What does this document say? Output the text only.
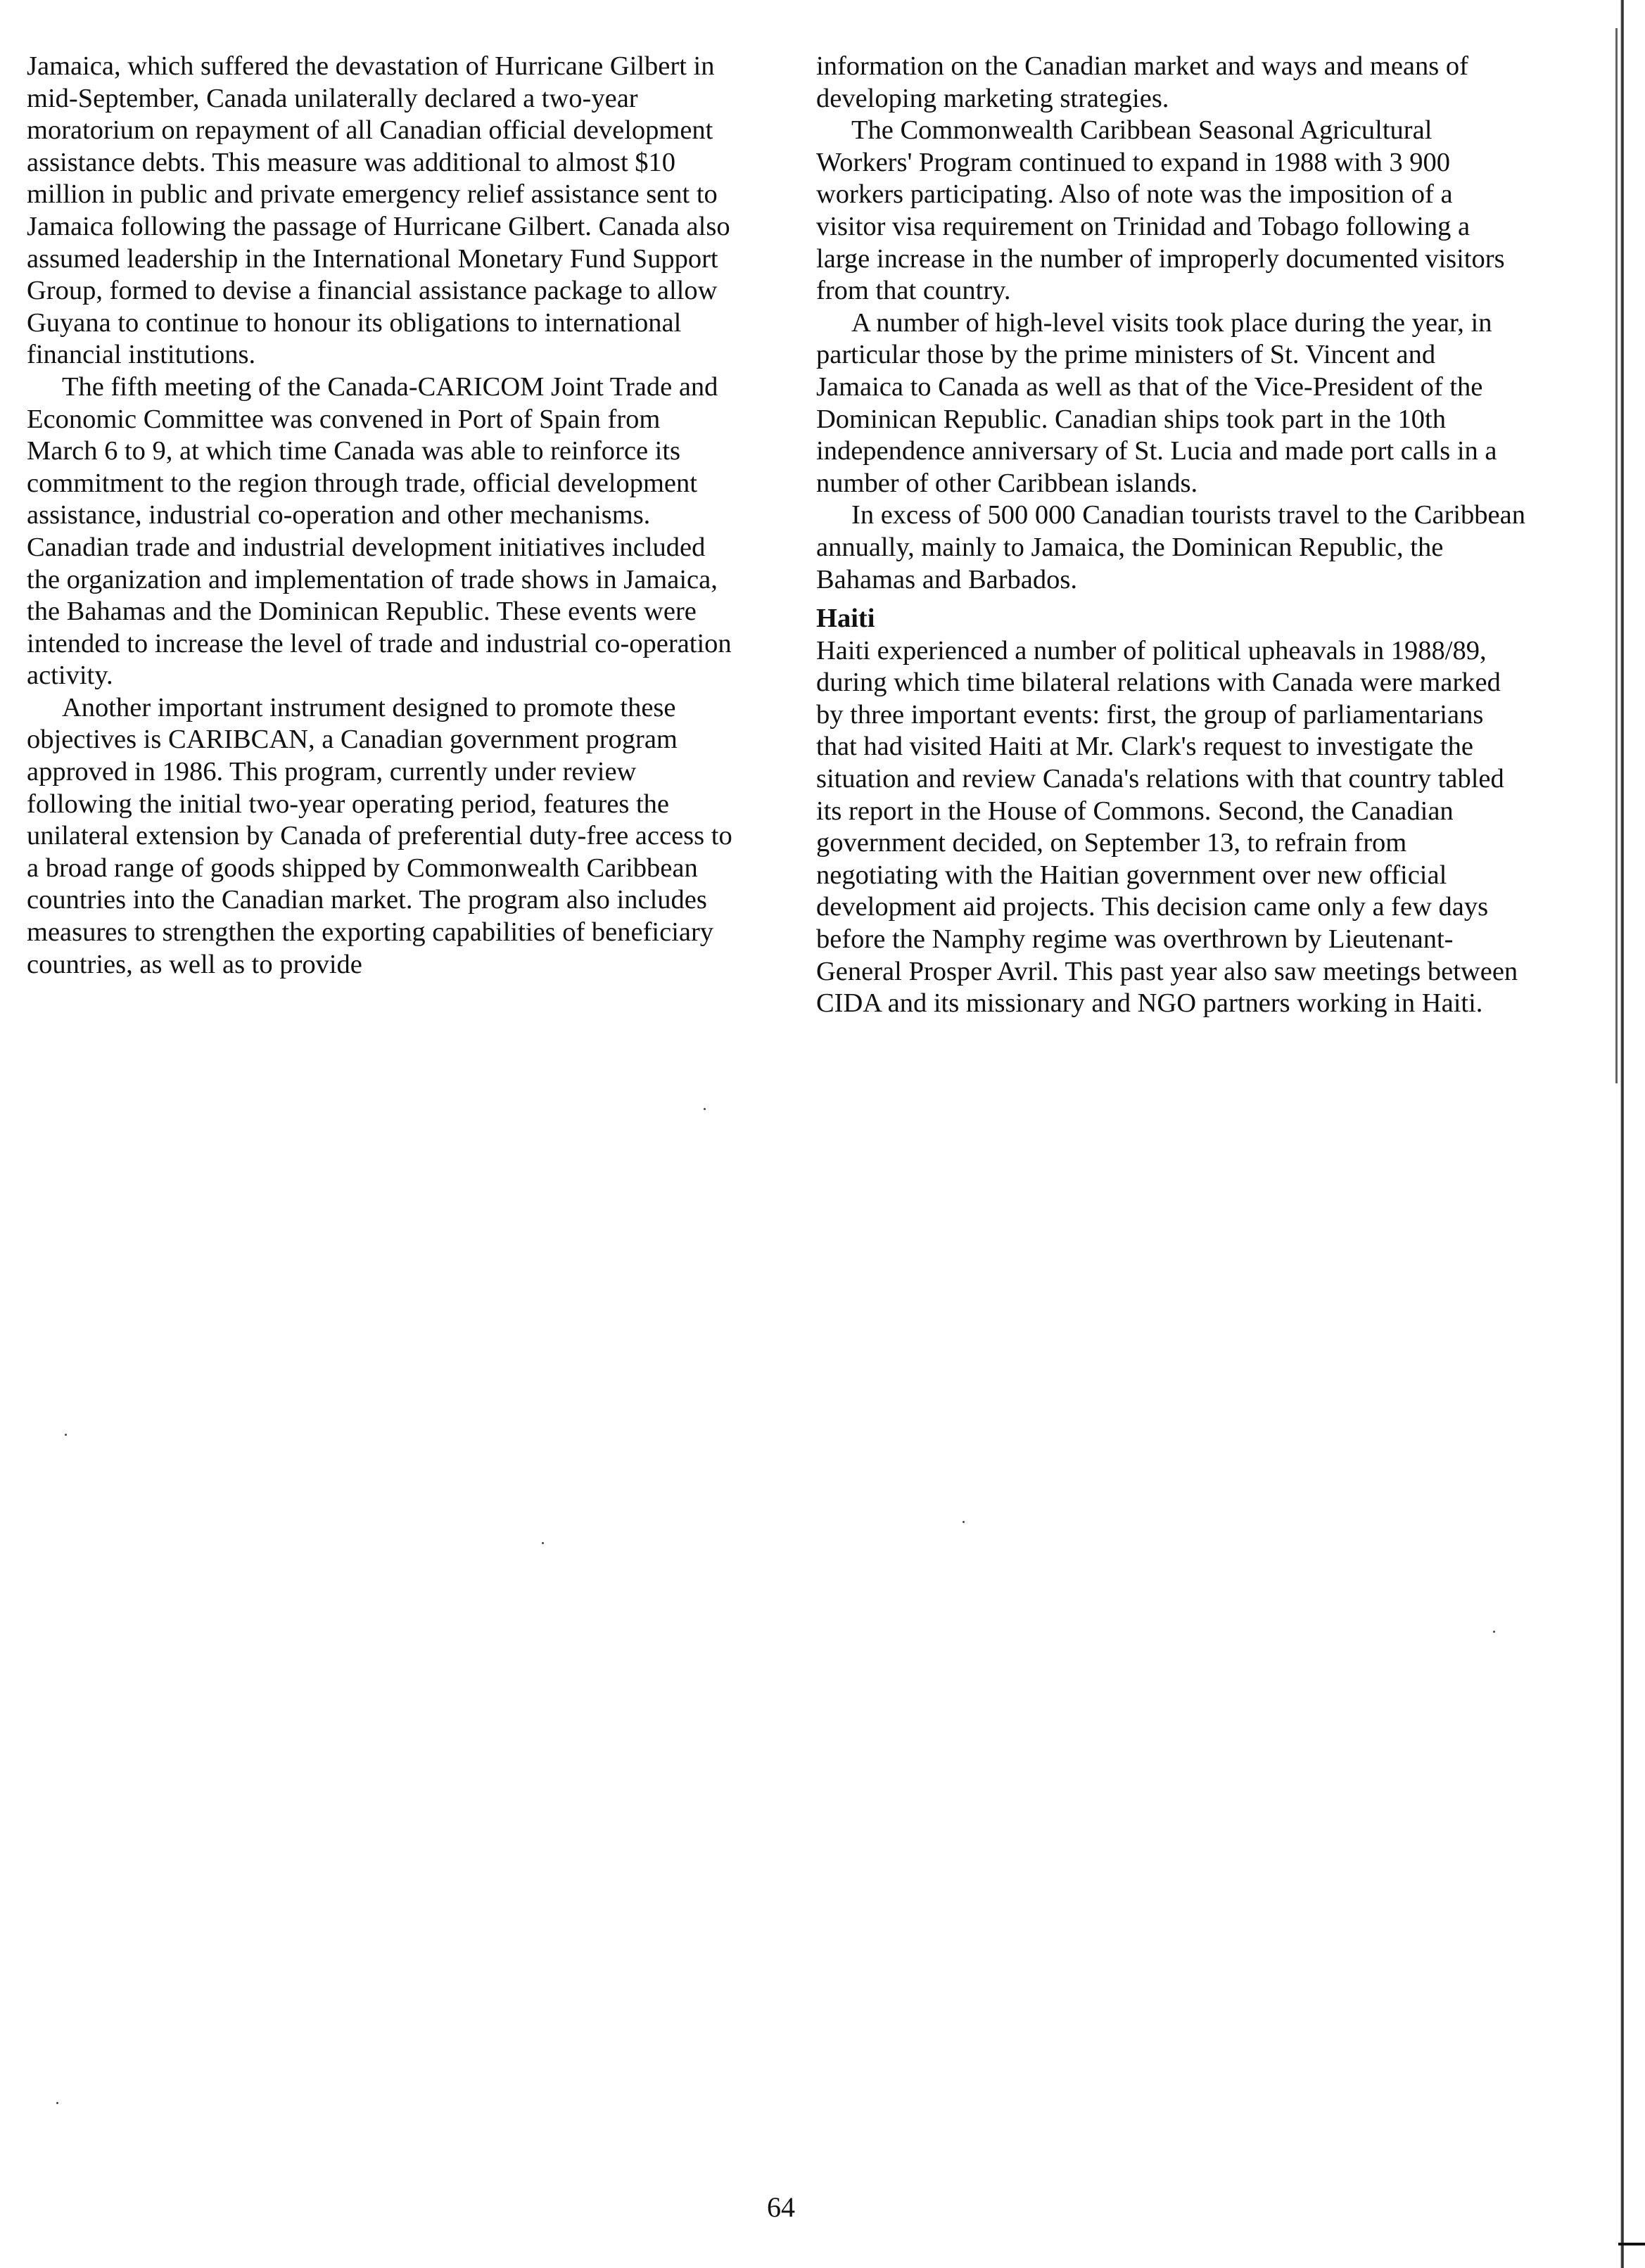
Jamaica, which suffered the devastation of Hurricane Gilbert in mid-September, Canada unilaterally declared a two-year moratorium on repayment of all Canadian official development assistance debts. This measure was additional to almost $10 million in public and private emergency relief assistance sent to Jamaica following the passage of Hurricane Gilbert. Canada also assumed leadership in the International Monetary Fund Support Group, formed to devise a financial assistance package to allow Guyana to continue to honour its obligations to international financial institutions.

The fifth meeting of the Canada-CARICOM Joint Trade and Economic Committee was convened in Port of Spain from March 6 to 9, at which time Canada was able to reinforce its commitment to the region through trade, official development assistance, industrial co-operation and other mechanisms. Canadian trade and industrial development initiatives included the organization and implementation of trade shows in Jamaica, the Bahamas and the Dominican Republic. These events were intended to increase the level of trade and industrial co-operation activity.

Another important instrument designed to promote these objectives is CARIBCAN, a Canadian government program approved in 1986. This program, currently under review following the initial two-year operating period, features the unilateral extension by Canada of preferential duty-free access to a broad range of goods shipped by Commonwealth Caribbean countries into the Canadian market. The program also includes measures to strengthen the exporting capabilities of beneficiary countries, as well as to provide

information on the Canadian market and ways and means of developing marketing strategies.

The Commonwealth Caribbean Seasonal Agricultural Workers' Program continued to expand in 1988 with 3 900 workers participating. Also of note was the imposition of a visitor visa requirement on Trinidad and Tobago following a large increase in the number of improperly documented visitors from that country.

A number of high-level visits took place during the year, in particular those by the prime ministers of St. Vincent and Jamaica to Canada as well as that of the Vice-President of the Dominican Republic. Canadian ships took part in the 10th independence anniversary of St. Lucia and made port calls in a number of other Caribbean islands.

In excess of 500 000 Canadian tourists travel to the Caribbean annually, mainly to Jamaica, the Dominican Republic, the Bahamas and Barbados.

Haiti

Haiti experienced a number of political upheavals in 1988/89, during which time bilateral relations with Canada were marked by three important events: first, the group of parliamentarians that had visited Haiti at Mr. Clark's request to investigate the situation and review Canada's relations with that country tabled its report in the House of Commons. Second, the Canadian government decided, on September 13, to refrain from negotiating with the Haitian government over new official development aid projects. This decision came only a few days before the Namphy regime was overthrown by Lieutenant-General Prosper Avril. This past year also saw meetings between CIDA and its missionary and NGO partners working in Haiti.

64
